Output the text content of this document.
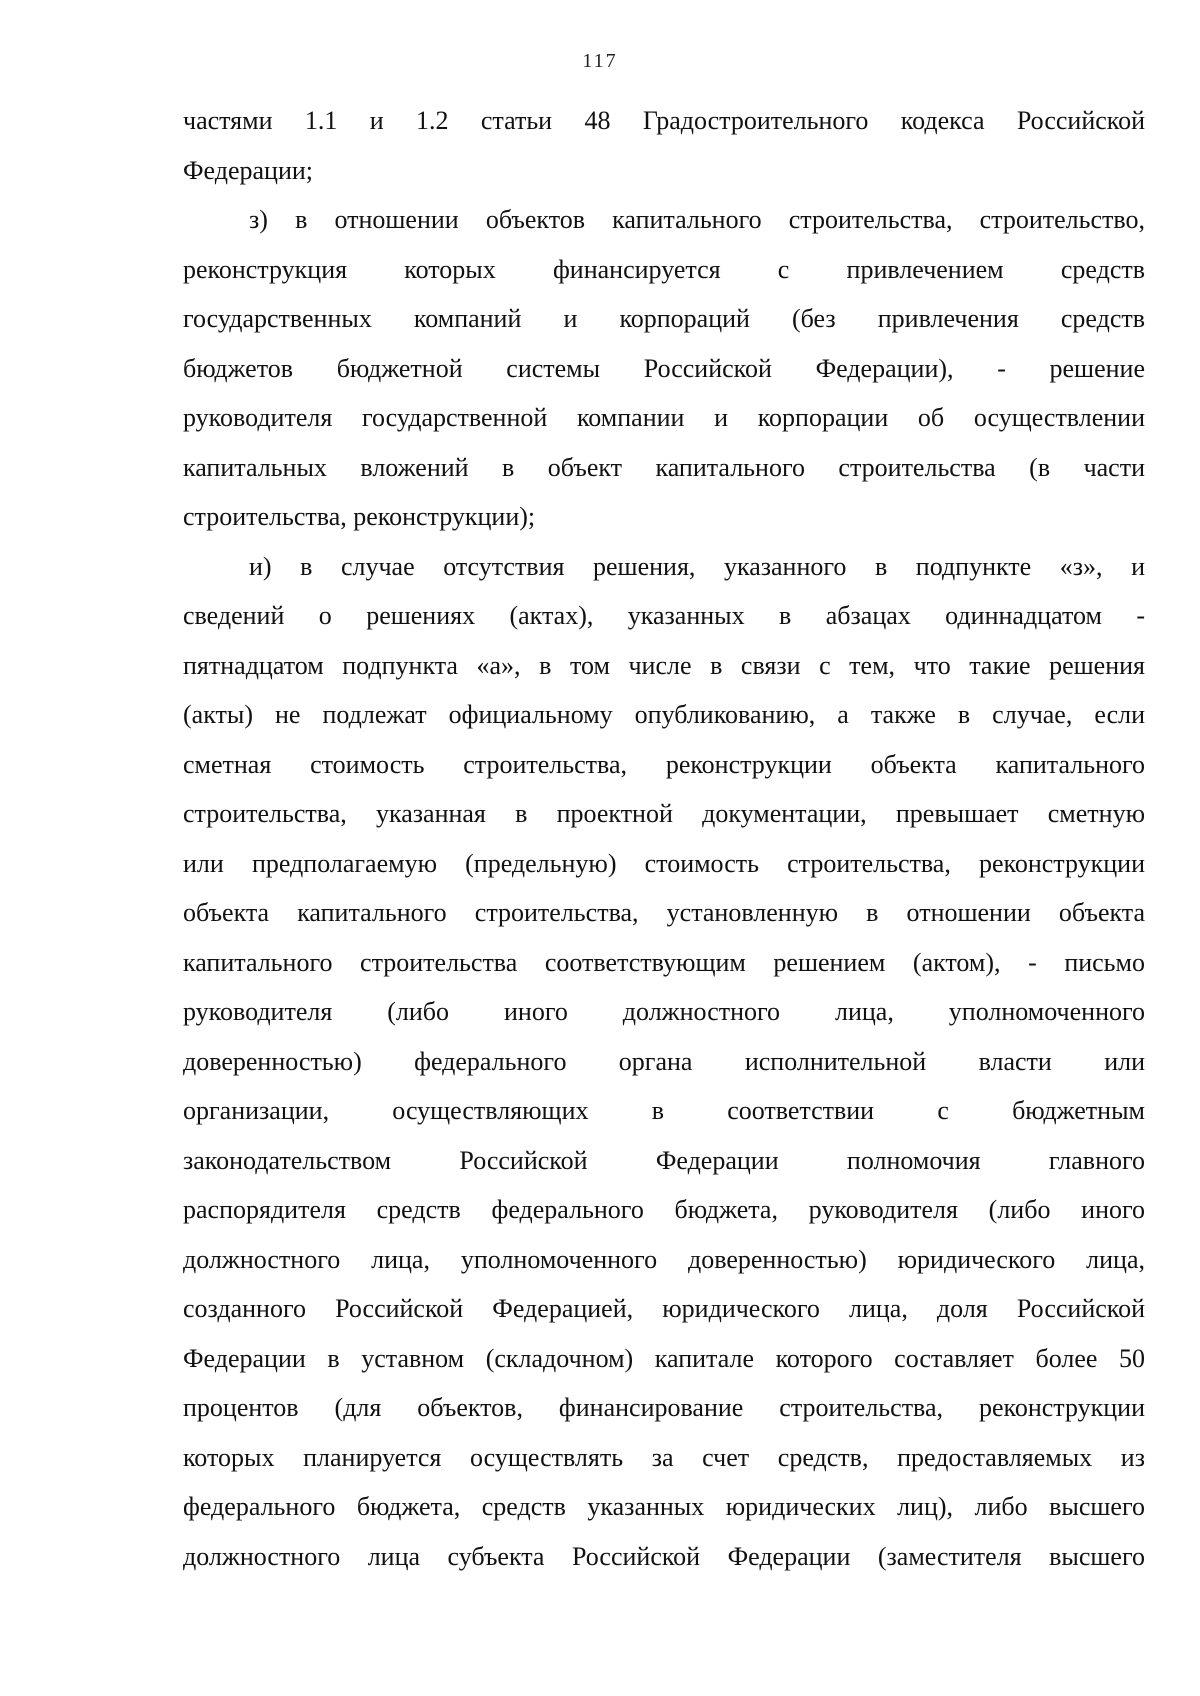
117
частями 1.1 и 1.2 статьи 48 Градостроительного кодекса Российской
Федерации;
з) в отношении объектов капитального строительства, строительство,
реконструкция которых финансируется с привлечением средств
государственных компаний и корпораций (без привлечения средств
бюджетов бюджетной системы Российской Федерации), - решение
руководителя государственной компании и корпорации об осуществлении
капитальных вложений в объект капитального строительства (в части
строительства, реконструкции);
и) в случае отсутствия решения, указанного в подпункте «з», и
сведений о решениях (актах), указанных в абзацах одиннадцатом -
пятнадцатом подпункта «а», в том числе в связи с тем, что такие решения
(акты) не подлежат официальному опубликованию, а также в случае, если
сметная стоимость строительства, реконструкции объекта капитального
строительства, указанная в проектной документации, превышает сметную
или предполагаемую (предельную) стоимость строительства, реконструкции
объекта капитального строительства, установленную в отношении объекта
капитального строительства соответствующим решением (актом), - письмо
руководителя (либо иного должностного лица, уполномоченного
доверенностью) федерального органа исполнительной власти или
организации, осуществляющих в соответствии с бюджетным
законодательством Российской Федерации полномочия главного
распорядителя средств федерального бюджета, руководителя (либо иного
должностного лица, уполномоченного доверенностью) юридического лица,
созданного Российской Федерацией, юридического лица, доля Российской
Федерации в уставном (складочном) капитале которого составляет более 50
процентов (для объектов, финансирование строительства, реконструкции
которых планируется осуществлять за счет средств, предоставляемых из
федерального бюджета, средств указанных юридических лиц), либо высшего
должностного лица субъекта Российской Федерации (заместителя высшего
